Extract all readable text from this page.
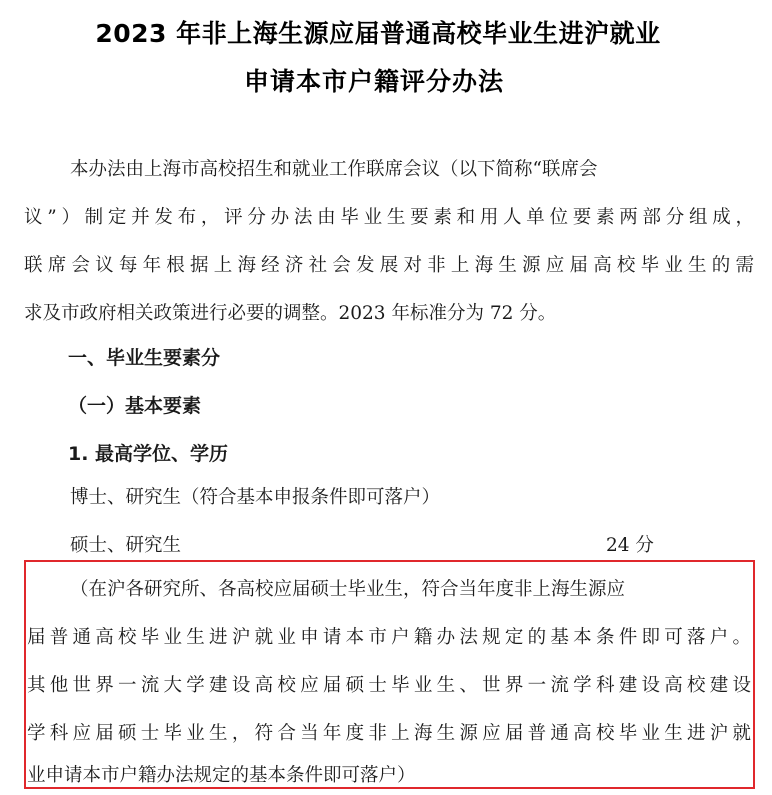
2023 年非上海生源应届普通高校毕业生进沪就业
申请本市户籍评分办法
本办法由上海市高校招生和就业工作联席会议（以下简称“联席会
议”）制定并发布，评分办法由毕业生要素和用人单位要素两部分组成，
联席会议每年根据上海经济社会发展对非上海生源应届高校毕业生的需
求及市政府相关政策进行必要的调整。2023 年标准分为 72 分。
一、毕业生要素分
（一）基本要素
1. 最高学位、学历
博士、研究生（符合基本申报条件即可落户）
硕士、研究生	24 分
（在沪各研究所、各高校应届硕士毕业生，符合当年度非上海生源应
届普通高校毕业生进沪就业申请本市户籍办法规定的基本条件即可落户。
其他世界一流大学建设高校应届硕士毕业生、世界一流学科建设高校建设
学科应届硕士毕业生，符合当年度非上海生源应届普通高校毕业生进沪就
业申请本市户籍办法规定的基本条件即可落户）
